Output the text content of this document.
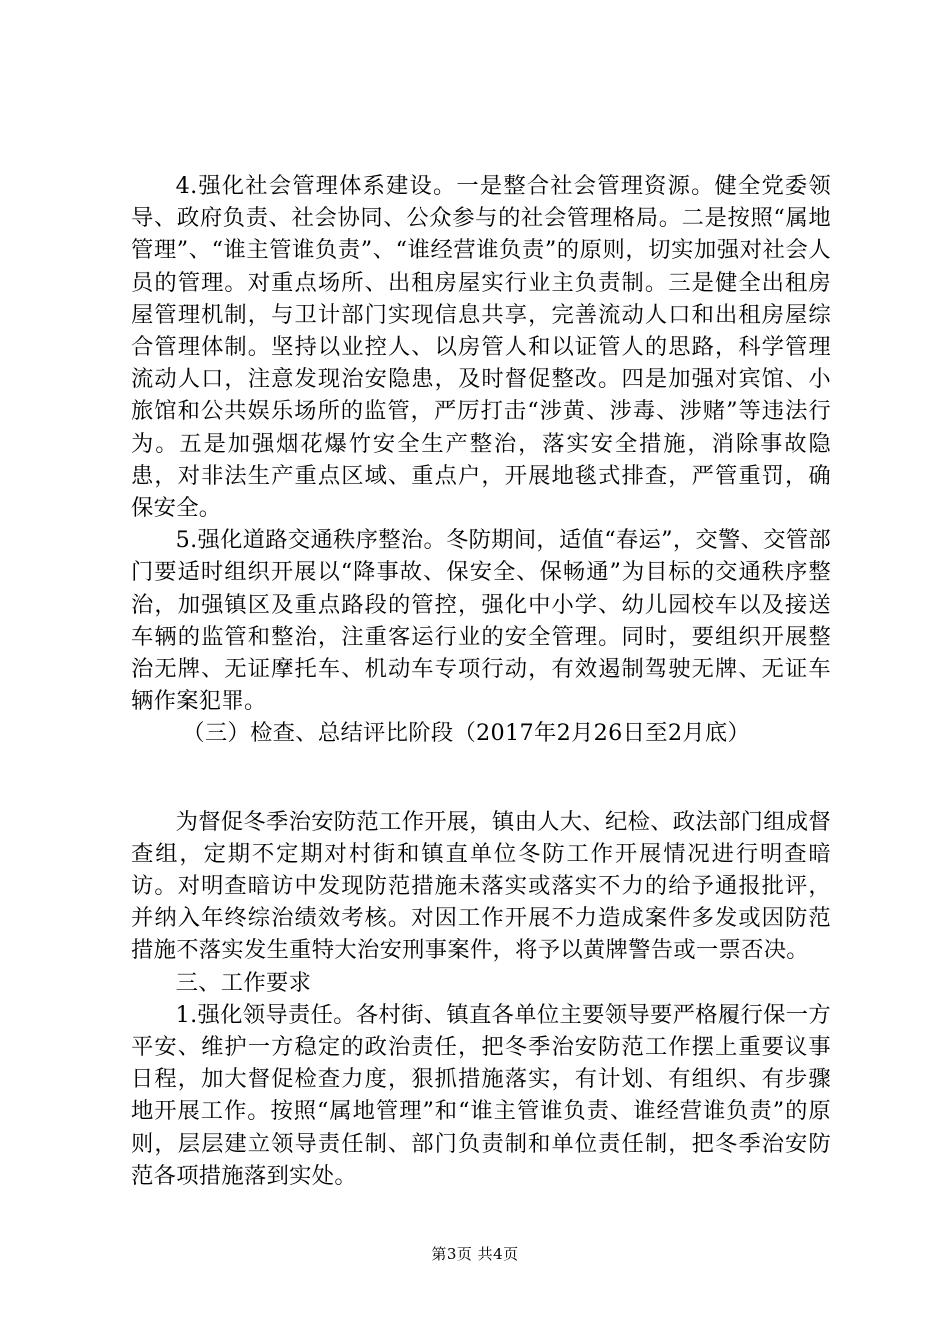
4.强化社会管理体系建设。一是整合社会管理资源。健全党委领导、政府负责、社会协同、公众参与的社会管理格局。二是按照“属地管理”、“谁主管谁负责”、“谁经营谁负责”的原则，切实加强对社会人员的管理。对重点场所、出租房屋实行业主负责制。三是健全出租房屋管理机制，与卫计部门实现信息共享，完善流动人口和出租房屋综合管理体制。坚持以业控人、以房管人和以证管人的思路，科学管理流动人口，注意发现治安隐患，及时督促整改。四是加强对宾馆、小旅馆和公共娱乐场所的监管，严厉打击“涉黄、涉毒、涉赌”等违法行为。五是加强烟花爆竹安全生产整治，落实安全措施，消除事故隐患，对非法生产重点区域、重点户，开展地毯式排查，严管重罚，确保安全。

5.强化道路交通秩序整治。冬防期间，适值“春运”，交警、交管部门要适时组织开展以“降事故、保安全、保畅通”为目标的交通秩序整治，加强镇区及重点路段的管控，强化中小学、幼儿园校车以及接送车辆的监管和整治，注重客运行业的安全管理。同时，要组织开展整治无牌、无证摩托车、机动车专项行动，有效遏制驾驶无牌、无证车辆作案犯罪。

（三）检查、总结评比阶段（2017年2月26日至2月底）

为督促冬季治安防范工作开展，镇由人大、纪检、政法部门组成督查组，定期不定期对村街和镇直单位冬防工作开展情况进行明查暗访。对明查暗访中发现防范措施未落实或落实不力的给予通报批评，并纳入年终综治绩效考核。对因工作开展不力造成案件多发或因防范措施不落实发生重特大治安刑事案件，将予以黄牌警告或一票否决。

三、工作要求

1.强化领导责任。各村街、镇直各单位主要领导要严格履行保一方平安、维护一方稳定的政治责任，把冬季治安防范工作摆上重要议事日程，加大督促检查力度，狠抓措施落实，有计划、有组织、有步骤地开展工作。按照“属地管理”和“谁主管谁负责、谁经营谁负责”的原则，层层建立领导责任制、部门负责制和单位责任制，把冬季治安防范各项措施落到实处。

第3页 共4页
